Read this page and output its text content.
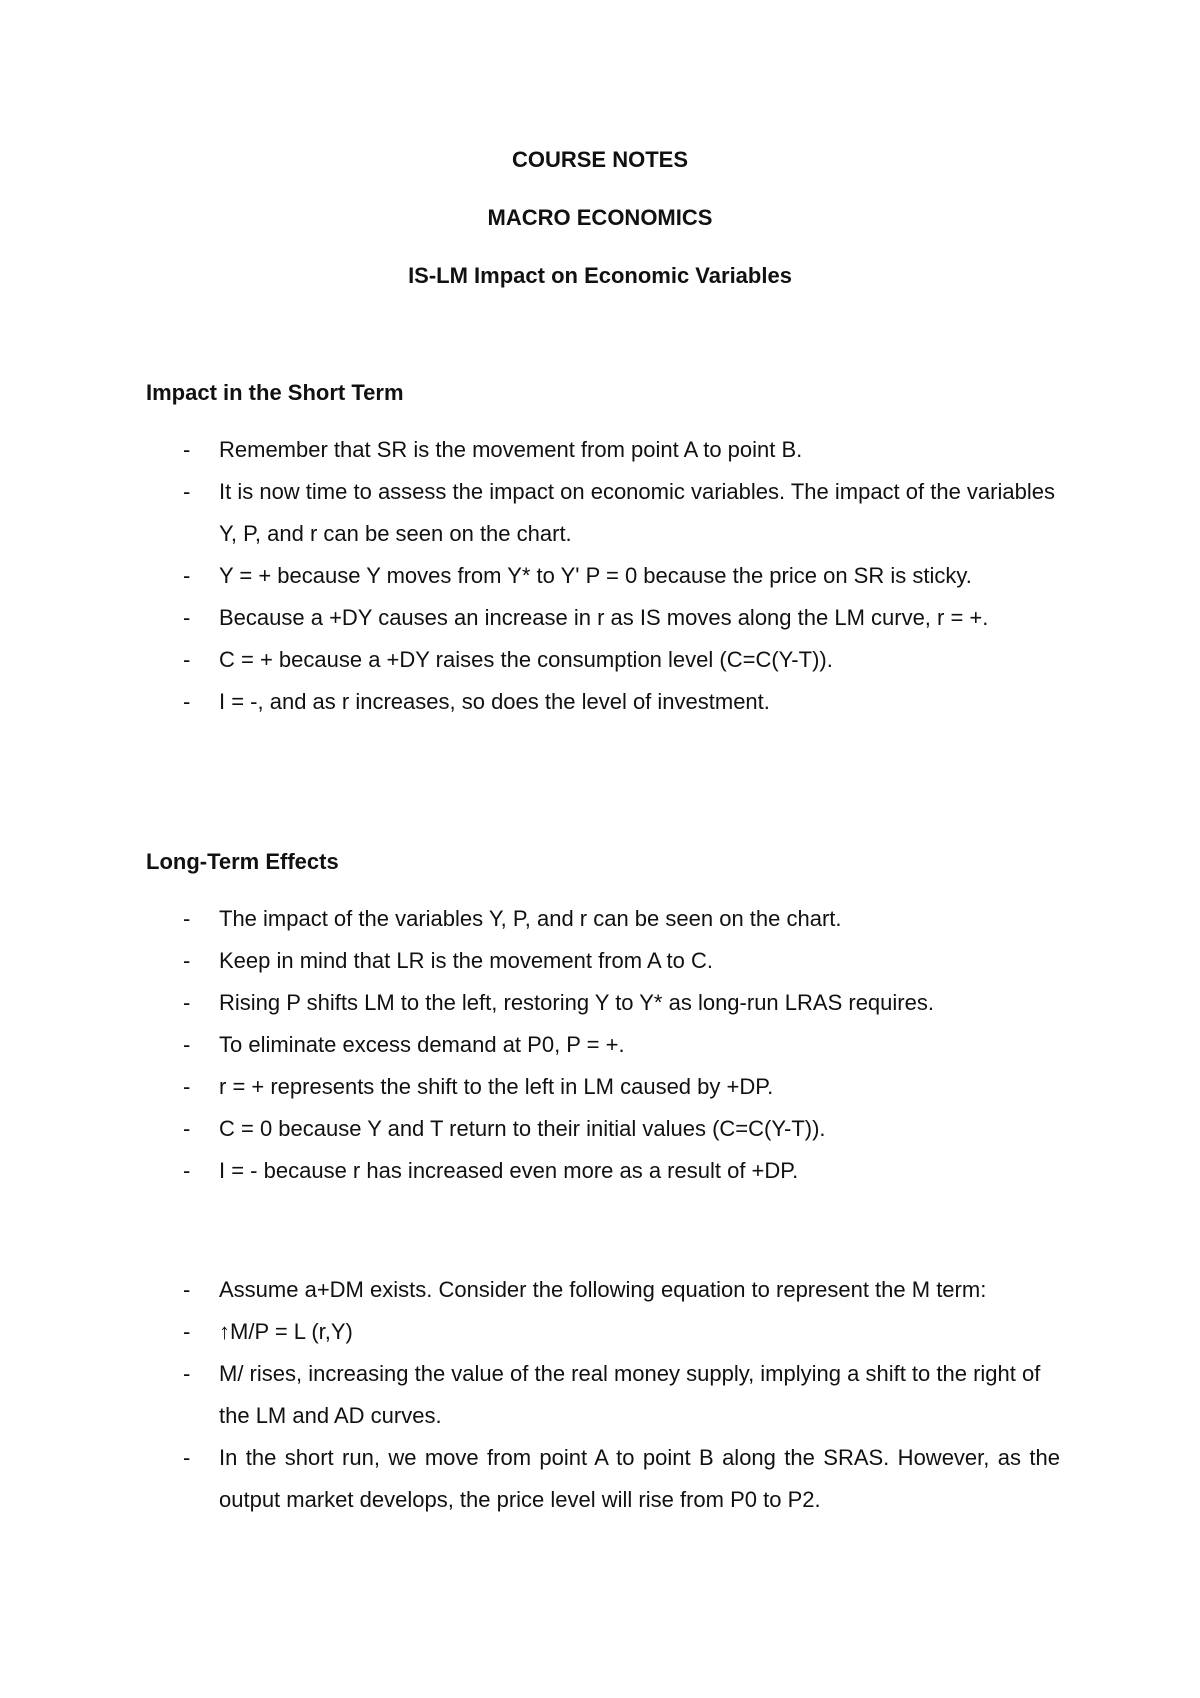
COURSE NOTES
MACRO ECONOMICS
IS-LM Impact on Economic Variables
Impact in the Short Term
- Remember that SR is the movement from point A to point B.
- It is now time to assess the impact on economic variables. The impact of the variables Y, P, and r can be seen on the chart.
- Y = + because Y moves from Y* to Y' P = 0 because the price on SR is sticky.
- Because a +DY causes an increase in r as IS moves along the LM curve, r = +.
- C = + because a +DY raises the consumption level (C=C(Y-T)).
- I = -, and as r increases, so does the level of investment.
Long-Term Effects
- The impact of the variables Y, P, and r can be seen on the chart.
- Keep in mind that LR is the movement from A to C.
- Rising P shifts LM to the left, restoring Y to Y* as long-run LRAS requires.
- To eliminate excess demand at P0, P = +.
- r = + represents the shift to the left in LM caused by +DP.
- C = 0 because Y and T return to their initial values (C=C(Y-T)).
- I = - because r has increased even more as a result of +DP.
- Assume a+DM exists. Consider the following equation to represent the M term:
- ↑M/P = L (r,Y)
- M/ rises, increasing the value of the real money supply, implying a shift to the right of the LM and AD curves.
- In the short run, we move from point A to point B along the SRAS. However, as the output market develops, the price level will rise from P0 to P2.
